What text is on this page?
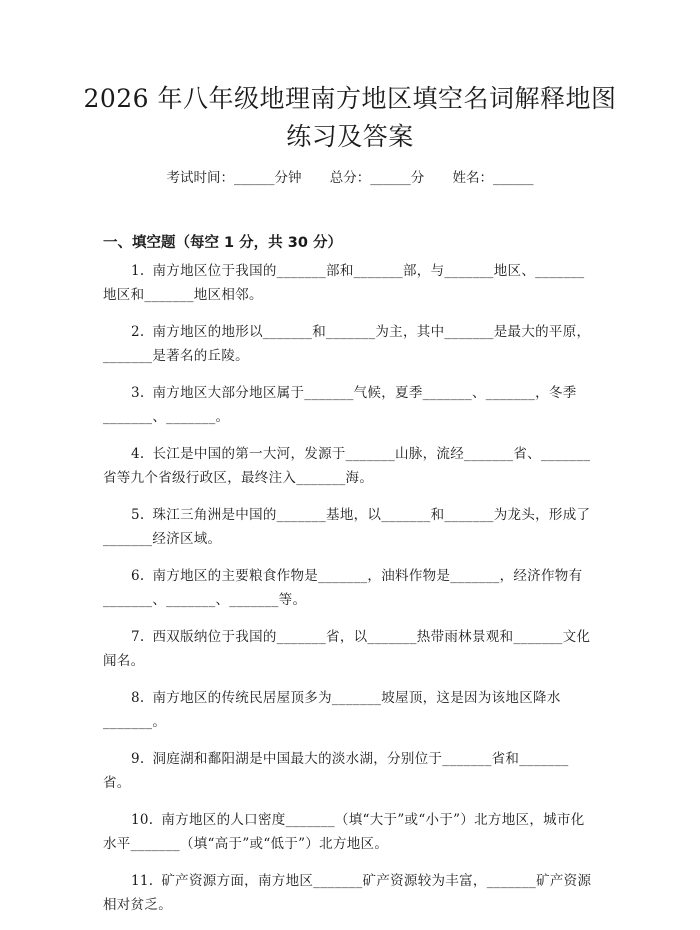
2026 年八年级地理南方地区填空名词解释地图练习及答案
考试时间：______分钟 总分：______分 姓名：______
一、填空题（每空 1 分，共 30 分）
1. 南方地区位于我国的_______部和_______部，与_______地区、_______地区和_______地区相邻。
2. 南方地区的地形以_______和_______为主，其中_______是最大的平原，_______是著名的丘陵。
3. 南方地区大部分地区属于_______气候，夏季_______、_______，冬季_______、_______。
4. 长江是中国的第一大河，发源于_______山脉，流经_______省、_______省等九个省级行政区，最终注入_______海。
5. 珠江三角洲是中国的_______基地，以_______和_______为龙头，形成了_______经济区域。
6. 南方地区的主要粮食作物是_______，油料作物是_______，经济作物有_______、_______、_______等。
7. 西双版纳位于我国的_______省，以_______热带雨林景观和_______文化闻名。
8. 南方地区的传统民居屋顶多为_______坡屋顶，这是因为该地区降水_______。
9. 洞庭湖和鄱阳湖是中国最大的淡水湖，分别位于_______省和_______省。
10. 南方地区的人口密度_______（填“大于”或“小于”）北方地区，城市化水平_______（填“高于”或“低于”）北方地区。
11. 矿产资源方面，南方地区_______矿产资源较为丰富，_______矿产资源相对贫乏。
